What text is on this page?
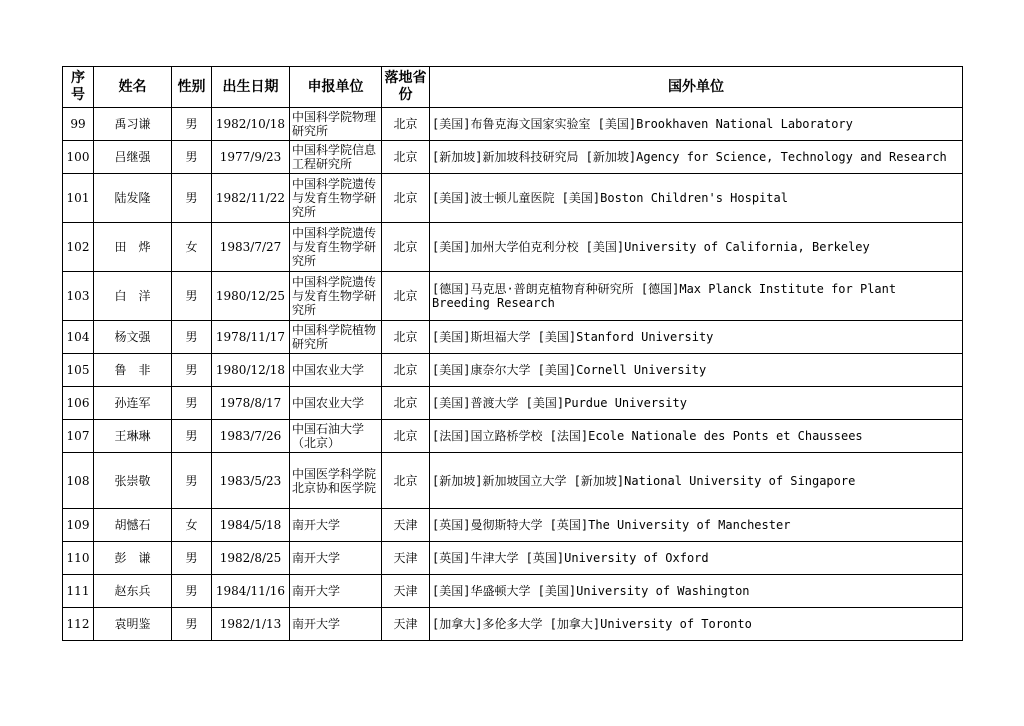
序号	姓名	性别	出生日期	申报单位	落地省份	国外单位
99	禹习谦	男	1982/10/18	中国科学院物理研究所	北京	[美国]布鲁克海文国家实验室 [美国]Brookhaven National Laboratory
100	吕继强	男	1977/9/23	中国科学院信息工程研究所	北京	[新加坡]新加坡科技研究局 [新加坡]Agency for Science, Technology and Research
101	陆发隆	男	1982/11/22	中国科学院遗传与发育生物学研究所	北京	[美国]波士顿儿童医院 [美国]Boston Children's Hospital
102	田　烨	女	1983/7/27	中国科学院遗传与发育生物学研究所	北京	[美国]加州大学伯克利分校 [美国]University of California, Berkeley
103	白　洋	男	1980/12/25	中国科学院遗传与发育生物学研究所	北京	[德国]马克思·普朗克植物育种研究所 [德国]Max Planck Institute for Plant Breeding Research
104	杨文强	男	1978/11/17	中国科学院植物研究所	北京	[美国]斯坦福大学 [美国]Stanford University
105	鲁　非	男	1980/12/18	中国农业大学	北京	[美国]康奈尔大学 [美国]Cornell University
106	孙连军	男	1978/8/17	中国农业大学	北京	[美国]普渡大学 [美国]Purdue University
107	王琳琳	男	1983/7/26	中国石油大学（北京）	北京	[法国]国立路桥学校 [法国]Ecole Nationale des Ponts et Chaussees
108	张崇敬	男	1983/5/23	中国医学科学院北京协和医学院	北京	[新加坡]新加坡国立大学 [新加坡]National University of Singapore
109	胡憾石	女	1984/5/18	南开大学	天津	[英国]曼彻斯特大学 [英国]The University of Manchester
110	彭　谦	男	1982/8/25	南开大学	天津	[英国]牛津大学 [英国]University of Oxford
111	赵东兵	男	1984/11/16	南开大学	天津	[美国]华盛顿大学 [美国]University of Washington
112	袁明鉴	男	1982/1/13	南开大学	天津	[加拿大]多伦多大学 [加拿大]University of Toronto
